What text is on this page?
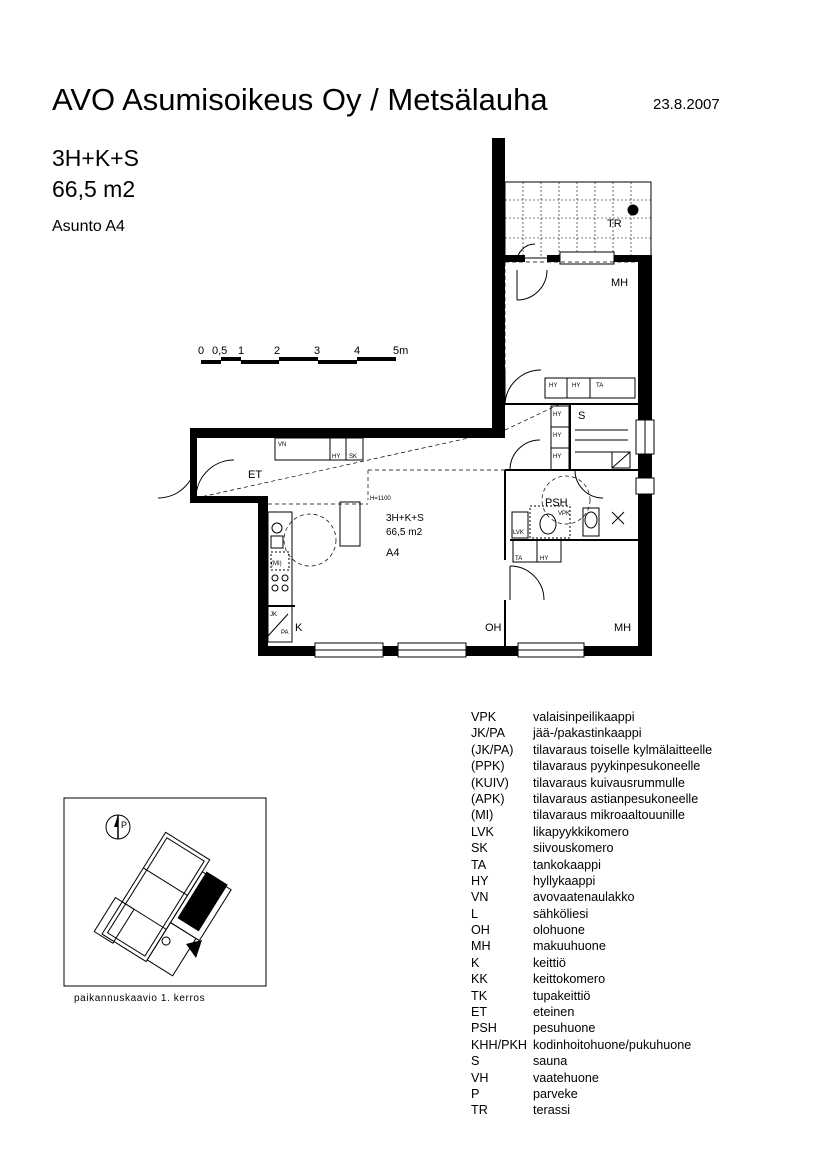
AVO Asumisoikeus Oy / Metsälauha	23.8.2007
3H+K+S
66,5 m2
Asunto A4
0 0,5 1	2	3	4	5m
TR
MH
S
PSH
ET
K	OH	MH
3H+K+S
66,5 m2
A4
HY HY	TA
HY
HY
HY
VN
HY SK
H=1100
VPK
LVK
TA	HY
JK
PA
(MI)
P
paikannuskaavio 1. kerros
VPK	valaisinpeilikaappi
JK/PA jää-/pakastinkaappi
(JK/PA) tilavaraus toiselle kylmälaitteelle
(PPK) tilavaraus pyykinpesukoneelle
(KUIV) tilavaraus kuivausrummulle
(APK) tilavaraus astianpesukoneelle
(MI)	tilavaraus mikroaaltouunille
LVK	likapyykkikomero
SK	siivouskomero
TA	tankokaappi
HY	hyllykaappi
VN	avovaatenaulakko
L	sähköliesi
OH	olohuone
MH	makuuhuone
K	keittiö
KK	keittokomero
TK	tupakeittiö
ET	eteinen
PSH	pesuhuone
KHH/PKH kodinhoitohuone/pukuhuone
S	sauna
VH	vaatehuone
P	parveke
TR	terassi
